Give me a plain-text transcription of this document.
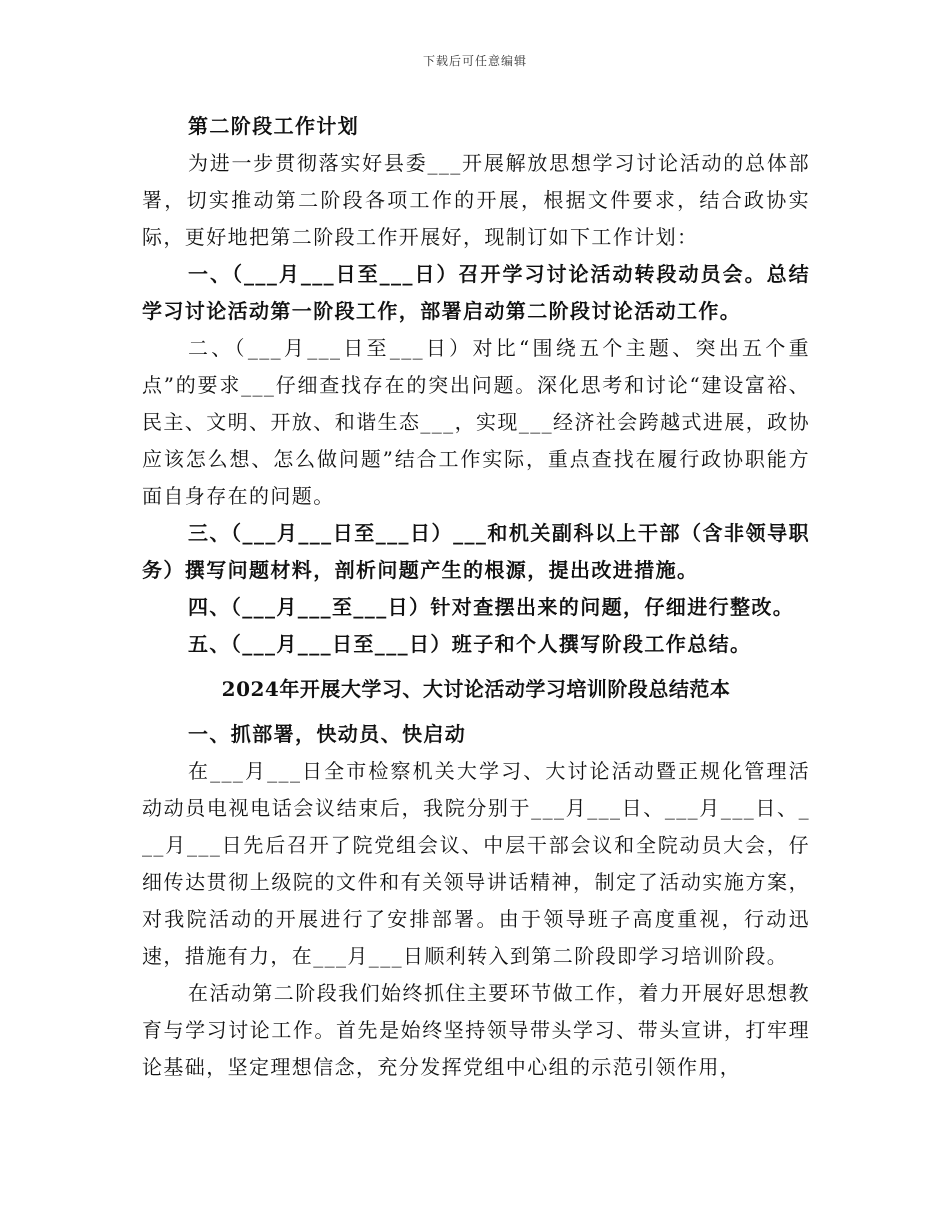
下载后可任意编辑

第二阶段工作计划

为进一步贯彻落实好县委___开展解放思想学习讨论活动的总体部署，切实推动第二阶段各项工作的开展，根据文件要求，结合政协实际，更好地把第二阶段工作开展好，现制订如下工作计划：

一、（___月___日至___日）召开学习讨论活动转段动员会。总结学习讨论活动第一阶段工作，部署启动第二阶段讨论活动工作。

二、（___月___日至___日）对比“围绕五个主题、突出五个重点”的要求___仔细查找存在的突出问题。深化思考和讨论“建设富裕、民主、文明、开放、和谐生态___，实现___经济社会跨越式进展，政协应该怎么想、怎么做问题”结合工作实际，重点查找在履行政协职能方面自身存在的问题。

三、（___月___日至___日）___和机关副科以上干部（含非领导职务）撰写问题材料，剖析问题产生的根源，提出改进措施。

四、（___月___至___日）针对查摆出来的问题，仔细进行整改。

五、（___月___日至___日）班子和个人撰写阶段工作总结。

2024年开展大学习、大讨论活动学习培训阶段总结范本

一、抓部署，快动员、快启动

在___月___日全市检察机关大学习、大讨论活动暨正规化管理活动动员电视电话会议结束后，我院分别于___月___日、___月___日、___月___日先后召开了院党组会议、中层干部会议和全院动员大会，仔细传达贯彻上级院的文件和有关领导讲话精神，制定了活动实施方案，对我院活动的开展进行了安排部署。由于领导班子高度重视，行动迅速，措施有力，在___月___日顺利转入到第二阶段即学习培训阶段。

在活动第二阶段我们始终抓住主要环节做工作，着力开展好思想教育与学习讨论工作。首先是始终坚持领导带头学习、带头宣讲，打牢理论基础，坚定理想信念，充分发挥党组中心组的示范引领作用，
